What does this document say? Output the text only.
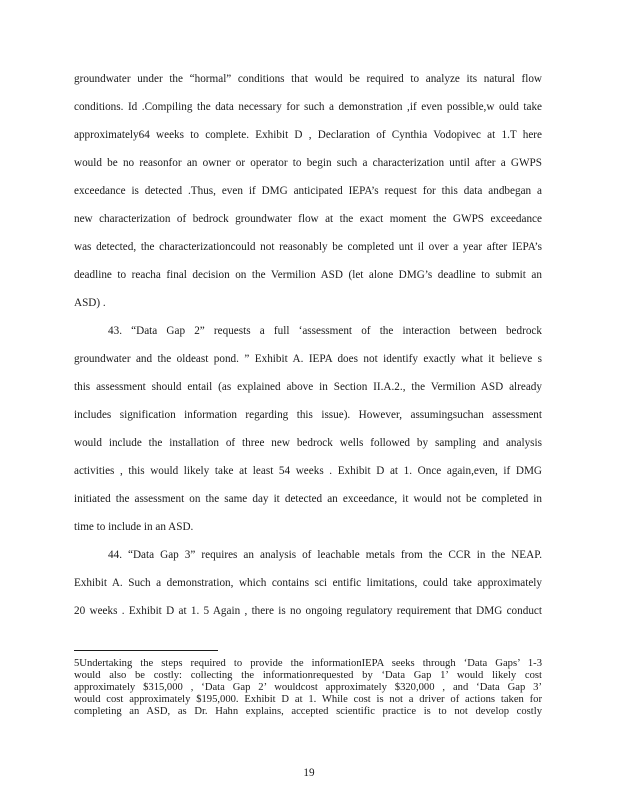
groundwater under the “hormal” conditions that would be required to analyze its natural flow
conditions. Id .Compiling the data necessary for such a demonstration ,if even possible,w ould take
approximately64 weeks to complete. Exhibit D , Declaration of Cynthia Vodopivec at 1.T here
would be no reasonfor an owner or operator to begin such a characterization until after a GWPS
exceedance is detected .Thus, even if DMG anticipated IEPA’s request for this data andbegan a
new characterization of bedrock groundwater flow at the exact moment the GWPS exceedance
was detected, the characterizationcould not reasonably be completed unt il over a year after IEPA’s
deadline to reacha final decision on the Vermilion ASD (let alone DMG’s deadline to submit an
ASD) .
43. “Data Gap 2” requests a full ‘assessment of the interaction between bedrock
groundwater and the oldeast pond. ” Exhibit A. IEPA does not identify exactly what it believe s
this assessment should entail (as explained above in Section II.A.2., the Vermilion ASD already
includes signification information regarding this issue). However, assumingsuchan assessment
would include the installation of three new bedrock wells followed by sampling and analysis
activities , this would likely take at least 54 weeks . Exhibit D at 1. Once again,even, if DMG
initiated the assessment on the same day it detected an exceedance, it would not be completed in
time to include in an ASD.
44. “Data Gap 3” requires an analysis of leachable metals from the CCR in the NEAP.
Exhibit A. Such a demonstration, which contains sci entific limitations, could take approximately
20 weeks . Exhibit D at 1. 5 Again , there is no ongoing regulatory requirement that DMG conduct
5Undertaking the steps required to provide the informationIEPA seeks through ‘Data Gaps’ 1-3
would also be costly: collecting the informationrequested by ‘Data Gap 1’ would likely cost
approximately $315,000 , ‘Data Gap 2’ wouldcost approximately $320,000 , and ‘Data Gap 3’
would cost approximately $195,000. Exhibit D at 1. While cost is not a driver of actions taken for
completing an ASD, as Dr. Hahn explains, accepted scientific practice is to not develop costly
19
